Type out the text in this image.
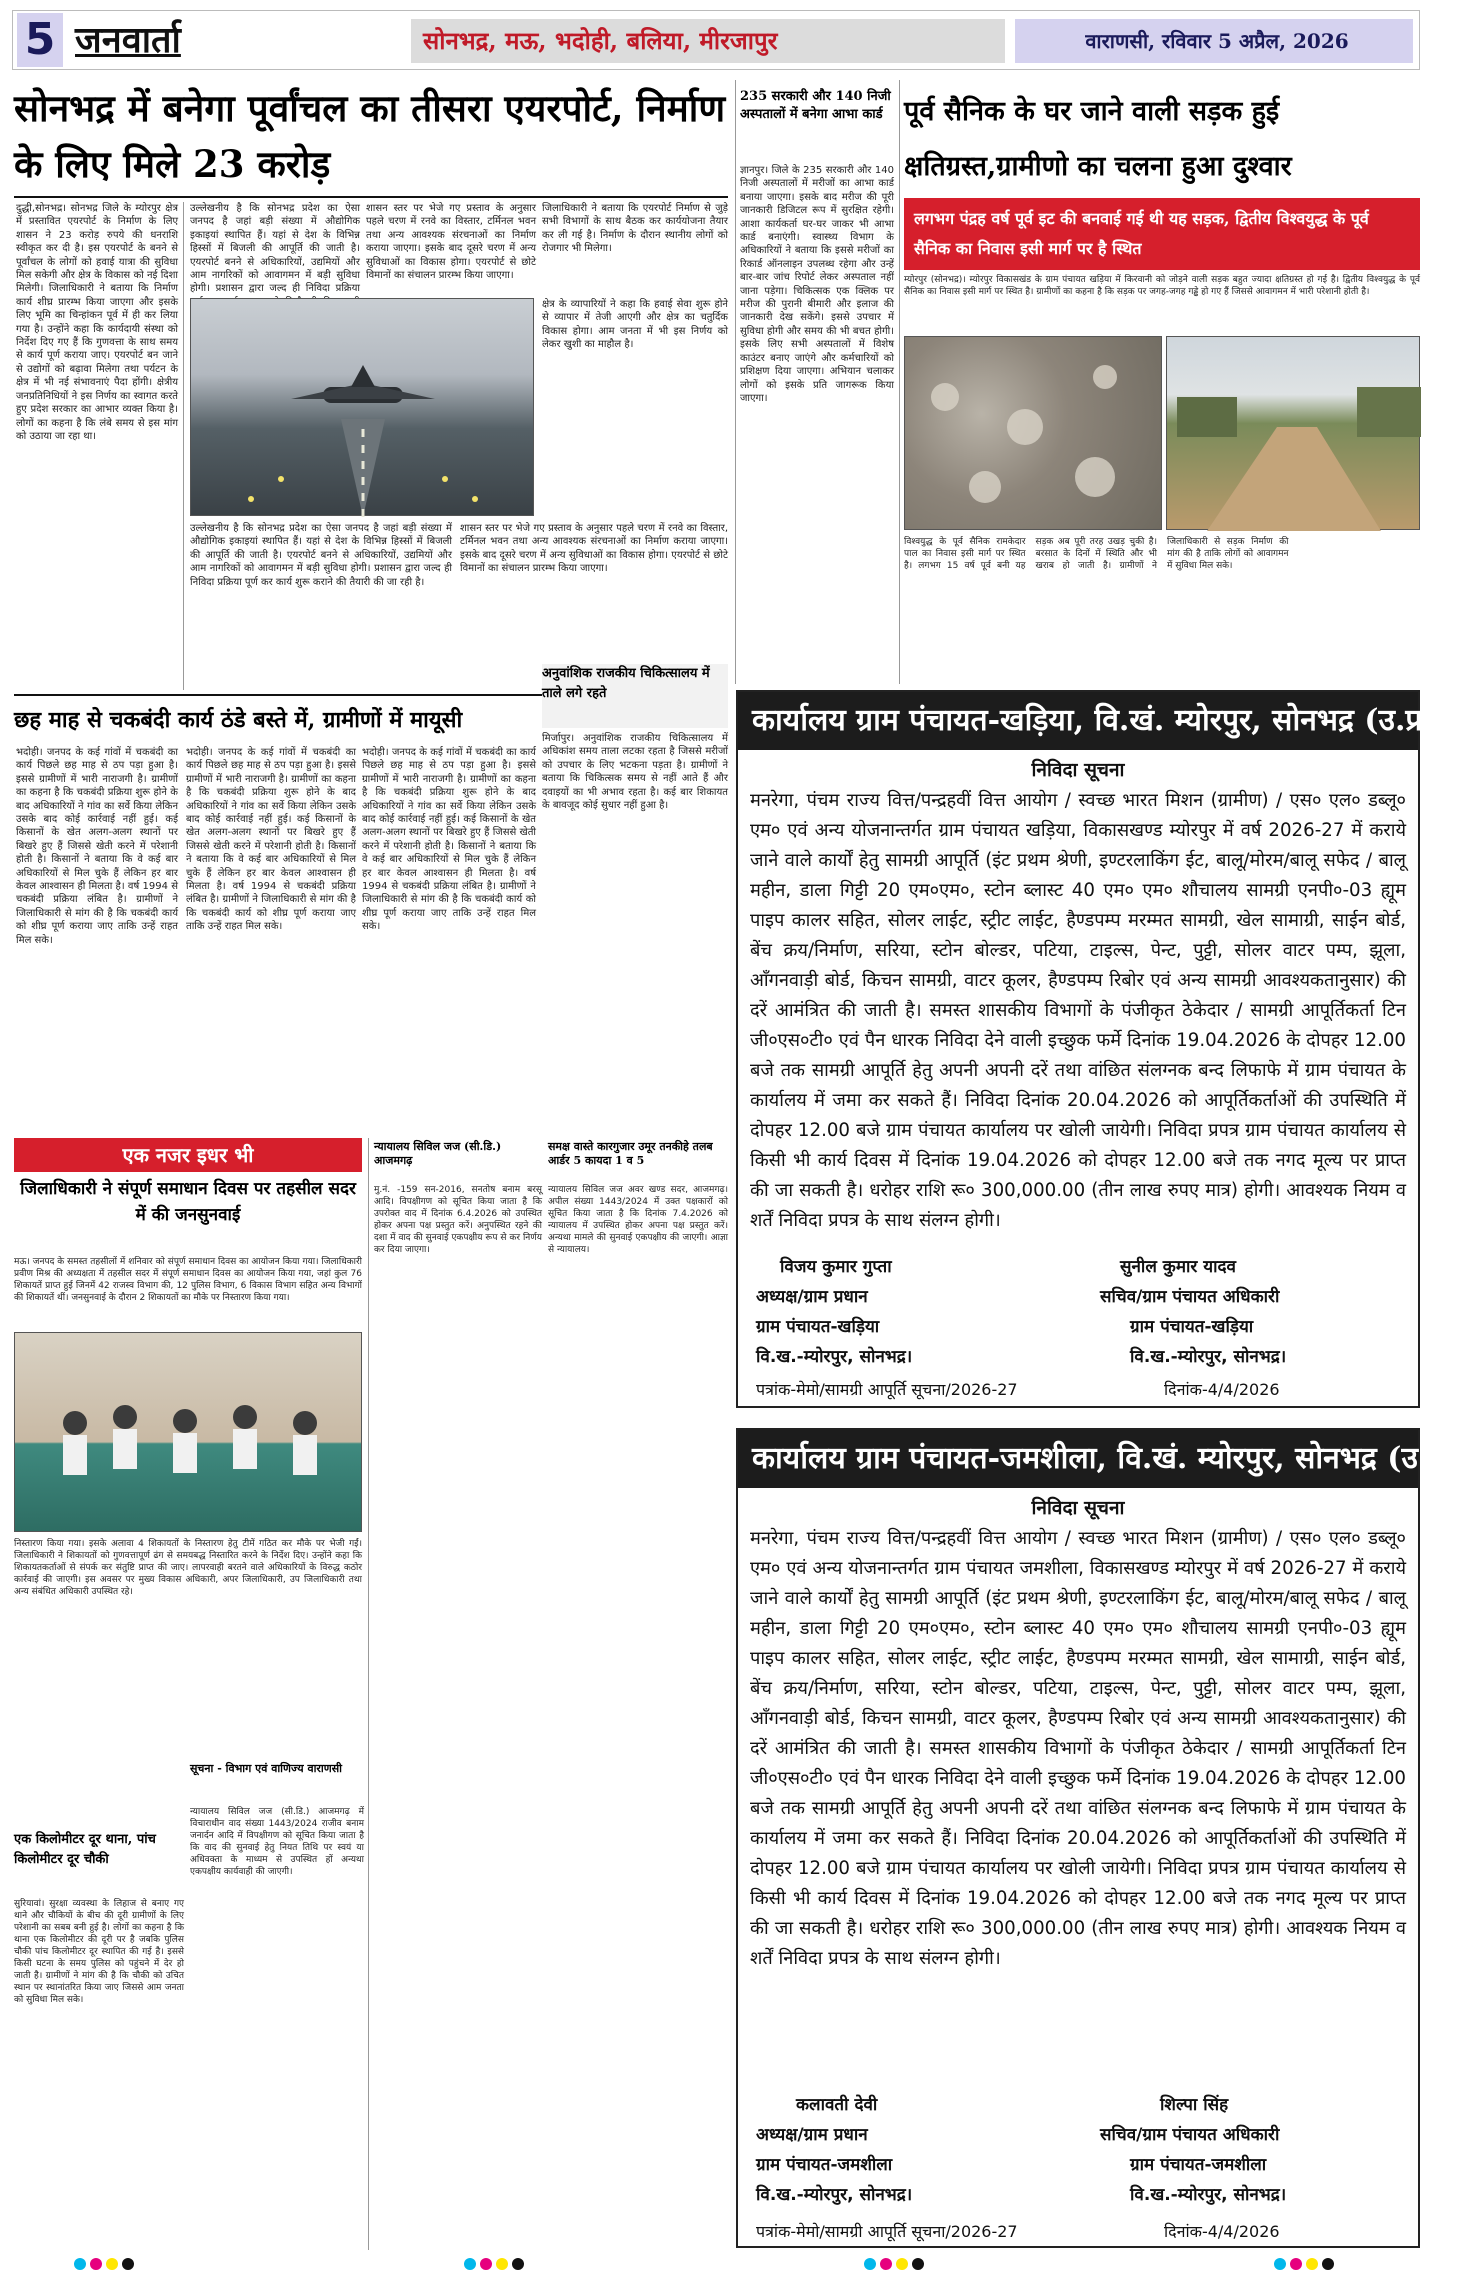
5 जनवार्ता	सोनभद्र, मऊ, भदोही, बलिया, मीरजापुर	वाराणसी, रविवार 5 अप्रैल, 2026
सोनभद्र में बनेगा पूर्वांचल का तीसरा एयरपोर्ट, निर्माण के लिए मिले 23 करोड़
दुद्धी,सोनभद्र। सोनभद्र जिले के म्योरपुर क्षेत्र में प्रस्तावित एयरपोर्ट के निर्माण के लिए शासन ने 23 करोड़ रुपये की धनराशि स्वीकृत कर दी है। इस एयरपोर्ट के बनने से पूर्वांचल के लोगों को हवाई यात्रा की सुविधा मिल सकेगी और क्षेत्र के विकास को नई दिशा मिलेगी। जिलाधिकारी ने बताया कि निर्माण कार्य शीघ्र प्रारम्भ किया जाएगा और इसके लिए भूमि का चिन्हांकन पूर्व में ही कर लिया गया है। उन्होंने कहा कि कार्यदायी संस्था को निर्देश दिए गए हैं कि गुणवत्ता के साथ समय से कार्य पूर्ण कराया जाए। एयरपोर्ट बन जाने से उद्योगों को बढ़ावा मिलेगा तथा पर्यटन के क्षेत्र में भी नई संभावनाएं पैदा होंगी। क्षेत्रीय जनप्रतिनिधियों ने इस निर्णय का स्वागत करते हुए प्रदेश सरकार का आभार व्यक्त किया है। लोगों का कहना है कि लंबे समय से इस मांग को उठाया जा रहा था।
उल्लेखनीय है कि सोनभद्र प्रदेश का ऐसा जनपद है जहां बड़ी संख्या में औद्योगिक इकाइयां स्थापित हैं। यहां से देश के विभिन्न हिस्सों में बिजली की आपूर्ति की जाती है। एयरपोर्ट बनने से अधिकारियों, उद्यमियों और आम नागरिकों को आवागमन में बड़ी सुविधा होगी। प्रशासन द्वारा जल्द ही निविदा प्रक्रिया
शासन स्तर पर भेजे गए प्रस्ताव के अनुसार पहले चरण में रनवे का विस्तार, टर्मिनल भवन तथा अन्य आवश्यक संरचनाओं का निर्माण कराया जाएगा। इसके बाद दूसरे चरण में अन्य सुविधाओं का विकास होगा। एयरपोर्ट से छोटे विमानों का संचालन प्रारम्भ किया जाएगा।
जिलाधिकारी ने बताया कि एयरपोर्ट निर्माण से जुड़े सभी विभागों के साथ बैठक कर कार्ययोजना तैयार कर ली गई है। निर्माण के दौरान स्थानीय लोगों को रोजगार भी मिलेगा।
क्षेत्र के व्यापारियों ने कहा कि हवाई सेवा शुरू होने से व्यापार में तेजी आएगी और क्षेत्र का चतुर्दिक विकास होगा। आम जनता में भी इस निर्णय को लेकर खुशी का माहौल है।
उल्लेखनीय है कि सोनभद्र प्रदेश का ऐसा जनपद है जहां बड़ी संख्या में औद्योगिक इकाइयां स्थापित हैं। यहां से देश के विभिन्न हिस्सों में बिजली की आपूर्ति की जाती है। एयरपोर्ट बनने से अधिकारियों, उद्यमियों और आम नागरिकों को आवागमन में बड़ी सुविधा होगी। प्रशासन द्वारा जल्द ही निविदा प्रक्रिया पूर्ण कर कार्य शुरू कराने की तैयारी की जा रही है।
शासन स्तर पर भेजे गए प्रस्ताव के अनुसार पहले चरण में रनवे का विस्तार, टर्मिनल भवन तथा अन्य आवश्यक संरचनाओं का निर्माण कराया जाएगा। इसके बाद दूसरे चरण में अन्य सुविधाओं का विकास होगा। एयरपोर्ट से छोटे विमानों का संचालन प्रारम्भ किया जाएगा।
235 सरकारी और 140 निजी अस्पतालों में बनेगा आभा कार्ड
ज्ञानपुर। जिले के 235 सरकारी और 140 निजी अस्पतालों में मरीजों का आभा कार्ड बनाया जाएगा। इसके बाद मरीज की पूरी जानकारी डिजिटल रूप में सुरक्षित रहेगी। आशा कार्यकर्ता घर-घर जाकर भी आभा कार्ड बनाएंगी। स्वास्थ्य विभाग के अधिकारियों ने बताया कि इससे मरीजों का रिकार्ड ऑनलाइन उपलब्ध रहेगा और उन्हें बार-बार जांच रिपोर्ट लेकर अस्पताल नहीं जाना पड़ेगा। चिकित्सक एक क्लिक पर मरीज की पुरानी बीमारी और इलाज की जानकारी देख सकेंगे। इससे उपचार में सुविधा होगी और समय की भी बचत होगी। इसके लिए सभी अस्पतालों में विशेष काउंटर बनाए जाएंगे और कर्मचारियों को प्रशिक्षण दिया जाएगा। अभियान चलाकर लोगों को इसके प्रति जागरूक किया जाएगा।
पूर्व सैनिक के घर जाने वाली सड़क हुई क्षतिग्रस्त,ग्रामीणो का चलना हुआ दुश्वार
लगभग पंद्रह वर्ष पूर्व इट की बनवाई गई थी यह सड़क, द्वितीय विश्वयुद्ध के पूर्व सैनिक का निवास इसी मार्ग पर है स्थित
म्योरपुर (सोनभद्र)। म्योरपुर विकासखंड के ग्राम पंचायत खड़िया में किरवानी को जोड़ने वाली सड़क बहुत ज्यादा क्षतिग्रस्त हो गई है। द्वितीय विश्वयुद्ध के पूर्व सैनिक का निवास इसी मार्ग पर स्थित है। ग्रामीणों का कहना है कि सड़क पर जगह-जगह गड्ढे हो गए हैं जिससे आवागमन में भारी परेशानी होती है।
विश्वयुद्ध के पूर्व सैनिक रामकेदार पाल का निवास इसी मार्ग पर स्थित है। लगभग 15 वर्ष पूर्व बनी यह सड़क अब पूरी तरह उखड़ चुकी है। बरसात के दिनों में स्थिति और भी खराब हो जाती है। ग्रामीणों ने जिलाधिकारी से सड़क निर्माण की मांग की है ताकि लोगों को आवागमन में सुविधा मिल सके।
छह माह से चकबंदी कार्य ठंडे बस्ते में, ग्रामीणों में मायूसी
भदोही। जनपद के कई गांवों में चकबंदी का कार्य पिछले छह माह से ठप पड़ा हुआ है। इससे ग्रामीणों में भारी नाराजगी है। ग्रामीणों का कहना है कि चकबंदी प्रक्रिया शुरू होने के बाद अधिकारियों ने गांव का सर्वे किया लेकिन उसके बाद कोई कार्रवाई नहीं हुई। कई किसानों के खेत अलग-अलग स्थानों पर बिखरे हुए हैं जिससे खेती करने में परेशानी होती है। किसानों ने बताया कि वे कई बार अधिकारियों से मिल चुके हैं लेकिन हर बार केवल आश्वासन ही मिलता है। वर्ष 1994 से चकबंदी प्रक्रिया लंबित है। ग्रामीणों ने जिलाधिकारी से मांग की है कि चकबंदी कार्य को शीघ्र पूर्ण कराया जाए ताकि उन्हें राहत मिल सके।
भदोही। जनपद के कई गांवों में चकबंदी का कार्य पिछले छह माह से ठप पड़ा हुआ है। इससे ग्रामीणों में भारी नाराजगी है। ग्रामीणों का कहना है कि चकबंदी प्रक्रिया शुरू होने के बाद अधिकारियों ने गांव का सर्वे किया लेकिन उसके बाद कोई कार्रवाई नहीं हुई। कई किसानों के खेत अलग-अलग स्थानों पर बिखरे हुए हैं जिससे खेती करने में परेशानी होती है। किसानों ने बताया कि वे कई बार अधिकारियों से मिल चुके हैं लेकिन हर बार केवल आश्वासन ही मिलता है। वर्ष 1994 से चकबंदी प्रक्रिया लंबित है। ग्रामीणों ने जिलाधिकारी से मांग की है कि चकबंदी कार्य को शीघ्र पूर्ण कराया जाए ताकि उन्हें राहत मिल सके।
भदोही। जनपद के कई गांवों में चकबंदी का कार्य पिछले छह माह से ठप पड़ा हुआ है। इससे ग्रामीणों में भारी नाराजगी है। ग्रामीणों का कहना है कि चकबंदी प्रक्रिया शुरू होने के बाद अधिकारियों ने गांव का सर्वे किया लेकिन उसके बाद कोई कार्रवाई नहीं हुई। कई किसानों के खेत अलग-अलग स्थानों पर बिखरे हुए हैं जिससे खेती करने में परेशानी होती है। किसानों ने बताया कि वे कई बार अधिकारियों से मिल चुके हैं लेकिन हर बार केवल आश्वासन ही मिलता है। वर्ष 1994 से चकबंदी प्रक्रिया लंबित है। ग्रामीणों ने जिलाधिकारी से मांग की है कि चकबंदी कार्य को शीघ्र पूर्ण कराया जाए ताकि उन्हें राहत मिल सके।
अनुवांशिक राजकीय चिकित्सालय में ताले लगे रहते
मिर्जापुर। अनुवांशिक राजकीय चिकित्सालय में अधिकांश समय ताला लटका रहता है जिससे मरीजों को उपचार के लिए भटकना पड़ता है। ग्रामीणों ने बताया कि चिकित्सक समय से नहीं आते हैं और दवाइयों का भी अभाव रहता है। कई बार शिकायत के बावजूद कोई सुधार नहीं हुआ है।
एक नजर इधर भी
जिलाधिकारी ने संपूर्ण समाधान दिवस पर तहसील सदर में की जनसुनवाई
मऊ। जनपद के समस्त तहसीलों में शनिवार को संपूर्ण समाधान दिवस का आयोजन किया गया। जिलाधिकारी प्रवीण मिश्र की अध्यक्षता में तहसील सदर में संपूर्ण समाधान दिवस का आयोजन किया गया, जहां कुल 76 शिकायतें प्राप्त हुई जिनमें 42 राजस्व विभाग की, 12 पुलिस विभाग, 6 विकास विभाग सहित अन्य विभागों की शिकायतें थीं। जनसुनवाई के दौरान 2 शिकायतों का मौके पर निस्तारण किया गया।
निस्तारण किया गया। इसके अलावा 4 शिकायतों के निस्तारण हेतु टीमें गठित कर मौके पर भेजी गईं। जिलाधिकारी ने शिकायतों को गुणवत्तापूर्ण ढंग से समयबद्ध निस्तारित करने के निर्देश दिए। उन्होंने कहा कि शिकायतकर्ताओं से संपर्क कर संतुष्टि प्राप्त की जाए। लापरवाही बरतने वाले अधिकारियों के विरुद्ध कठोर कार्रवाई की जाएगी। इस अवसर पर मुख्य विकास अधिकारी, अपर जिलाधिकारी, उप जिलाधिकारी तथा अन्य संबंधित अधिकारी उपस्थित रहे।
एक किलोमीटर दूर थाना, पांच किलोमीटर दूर चौकी
सुरियावां। सुरक्षा व्यवस्था के लिहाज से बनाए गए थाने और चौकियों के बीच की दूरी ग्रामीणों के लिए परेशानी का सबब बनी हुई है। लोगों का कहना है कि थाना एक किलोमीटर की दूरी पर है जबकि पुलिस चौकी पांच किलोमीटर दूर स्थापित की गई है। इससे किसी घटना के समय पुलिस को पहुंचने में देर हो जाती है। ग्रामीणों ने मांग की है कि चौकी को उचित स्थान पर स्थानांतरित किया जाए जिससे आम जनता को सुविधा मिल सके।
सूचना - विभाग एवं वाणिज्य वाराणसी
न्यायालय सिविल जज (सी.डि.) आजमगढ़ में विचाराधीन वाद संख्या 1443/2024 राजीव बनाम जनार्दन आदि में विपक्षीगण को सूचित किया जाता है कि वाद की सुनवाई हेतु नियत तिथि पर स्वयं या अधिवक्ता के माध्यम से उपस्थित हों अन्यथा एकपक्षीय कार्यवाही की जाएगी।
न्यायालय सिविल जज (सी.डि.) आजमगढ़
मु.नं. -159 सन-2016, सनतोष बनाम बरसू आदि। विपक्षीगण को सूचित किया जाता है कि उपरोक्त वाद में दिनांक 6.4.2026 को उपस्थित होकर अपना पक्ष प्रस्तुत करें। अनुपस्थित रहने की दशा में वाद की सुनवाई एकपक्षीय रूप से कर निर्णय कर दिया जाएगा।
समक्ष वास्ते कारगुजार उमूर तनकीहे तलब आर्डर 5 कायदा 1 व 5
न्यायालय सिविल जज अवर खण्ड सदर, आजमगढ़। अपील संख्या 1443/2024 में उक्त पक्षकारों को सूचित किया जाता है कि दिनांक 7.4.2026 को न्यायालय में उपस्थित होकर अपना पक्ष प्रस्तुत करें। अन्यथा मामले की सुनवाई एकपक्षीय की जाएगी। आज्ञा से न्यायालय।
कार्यालय ग्राम पंचायत-खड़िया, वि.खं. म्योरपुर, सोनभद्र (उ.प्र.)
निविदा सूचना
मनरेगा, पंचम राज्य वित्त/पन्द्रहवीं वित्त आयोग / स्वच्छ भारत मिशन (ग्रामीण) / एस० एल० डब्लू० एम० एवं अन्य योजनान्तर्गत ग्राम पंचायत खड़िया, विकासखण्ड म्योरपुर में वर्ष 2026-27 में कराये जाने वाले कार्यों हेतु सामग्री आपूर्ति (इंट प्रथम श्रेणी, इण्टरलाकिंग ईट, बालू/मोरम/बालू सफेद / बालू महीन, डाला गिट्टी 20 एम०एम०, स्टोन ब्लास्ट 40 एम० एम० शौचालय सामग्री एनपी०-03 ह्यूम पाइप कालर सहित, सोलर लाईट, स्ट्रीट लाईट, हैण्डपम्प मरम्मत सामग्री, खेल सामाग्री, साईन बोर्ड, बेंच क्रय/निर्माण, सरिया, स्टोन बोल्डर, पटिया, टाइल्स, पेन्ट, पुट्टी, सोलर वाटर पम्प, झूला, आँगनवाड़ी बोर्ड, किचन सामग्री, वाटर कूलर, हैण्डपम्प रिबोर एवं अन्य सामग्री आवश्यकतानुसार) की दरें आमंत्रित की जाती है। समस्त शासकीय विभागों के पंजीकृत ठेकेदार / सामग्री आपूर्तिकर्ता टिन जी०एस०टी० एवं पैन धारक निविदा देने वाली इच्छुक फर्मे दिनांक 19.04.2026 के दोपहर 12.00 बजे तक सामग्री आपूर्ति हेतु अपनी अपनी दरें तथा वांछित संलग्नक बन्द लिफाफे में ग्राम पंचायत के कार्यालय में जमा कर सकते हैं। निविदा दिनांक 20.04.2026 को आपूर्तिकर्ताओं की उपस्थिति में दोपहर 12.00 बजे ग्राम पंचायत कार्यालय पर खोली जायेगी। निविदा प्रपत्र ग्राम पंचायत कार्यालय से किसी भी कार्य दिवस में दिनांक 19.04.2026 को दोपहर 12.00 बजे तक नगद मूल्य पर प्राप्त की जा सकती है। धरोहर राशि रू० 300,000.00 (तीन लाख रुपए मात्र) होगी। आवश्यक नियम व शर्तें निविदा प्रपत्र के साथ संलग्न होगी।
विजय कुमार गुप्ता
अध्यक्ष/ग्राम प्रधान
ग्राम पंचायत-खड़िया
वि.ख.-म्योरपुर, सोनभद्र।
सुनील कुमार यादव
सचिव/ग्राम पंचायत अधिकारी
ग्राम पंचायत-खड़िया
वि.ख.-म्योरपुर, सोनभद्र।
पत्रांक-मेमो/सामग्री आपूर्ति सूचना/2026-27	दिनांक-4/4/2026
कार्यालय ग्राम पंचायत-जमशीला, वि.खं. म्योरपुर, सोनभद्र (उ.प्र.)
निविदा सूचना
मनरेगा, पंचम राज्य वित्त/पन्द्रहवीं वित्त आयोग / स्वच्छ भारत मिशन (ग्रामीण) / एस० एल० डब्लू० एम० एवं अन्य योजनान्तर्गत ग्राम पंचायत जमशीला, विकासखण्ड म्योरपुर में वर्ष 2026-27 में कराये जाने वाले कार्यों हेतु सामग्री आपूर्ति (इंट प्रथम श्रेणी, इण्टरलाकिंग ईट, बालू/मोरम/बालू सफेद / बालू महीन, डाला गिट्टी 20 एम०एम०, स्टोन ब्लास्ट 40 एम० एम० शौचालय सामग्री एनपी०-03 ह्यूम पाइप कालर सहित, सोलर लाईट, स्ट्रीट लाईट, हैण्डपम्प मरम्मत सामग्री, खेल सामाग्री, साईन बोर्ड, बेंच क्रय/निर्माण, सरिया, स्टोन बोल्डर, पटिया, टाइल्स, पेन्ट, पुट्टी, सोलर वाटर पम्प, झूला, आँगनवाड़ी बोर्ड, किचन सामग्री, वाटर कूलर, हैण्डपम्प रिबोर एवं अन्य सामग्री आवश्यकतानुसार) की दरें आमंत्रित की जाती है। समस्त शासकीय विभागों के पंजीकृत ठेकेदार / सामग्री आपूर्तिकर्ता टिन जी०एस०टी० एवं पैन धारक निविदा देने वाली इच्छुक फर्मे दिनांक 19.04.2026 के दोपहर 12.00 बजे तक सामग्री आपूर्ति हेतु अपनी अपनी दरें तथा वांछित संलग्नक बन्द लिफाफे में ग्राम पंचायत के कार्यालय में जमा कर सकते हैं। निविदा दिनांक 20.04.2026 को आपूर्तिकर्ताओं की उपस्थिति में दोपहर 12.00 बजे ग्राम पंचायत कार्यालय पर खोली जायेगी। निविदा प्रपत्र ग्राम पंचायत कार्यालय से किसी भी कार्य दिवस में दिनांक 19.04.2026 को दोपहर 12.00 बजे तक नगद मूल्य पर प्राप्त की जा सकती है। धरोहर राशि रू० 300,000.00 (तीन लाख रुपए मात्र) होगी। आवश्यक नियम व शर्तें निविदा प्रपत्र के साथ संलग्न होगी।
कलावती देवी
अध्यक्ष/ग्राम प्रधान
ग्राम पंचायत-जमशीला
वि.ख.-म्योरपुर, सोनभद्र।
शिल्पा सिंह
सचिव/ग्राम पंचायत अधिकारी
ग्राम पंचायत-जमशीला
वि.ख.-म्योरपुर, सोनभद्र।
पत्रांक-मेमो/सामग्री आपूर्ति सूचना/2026-27	दिनांक-4/4/2026
